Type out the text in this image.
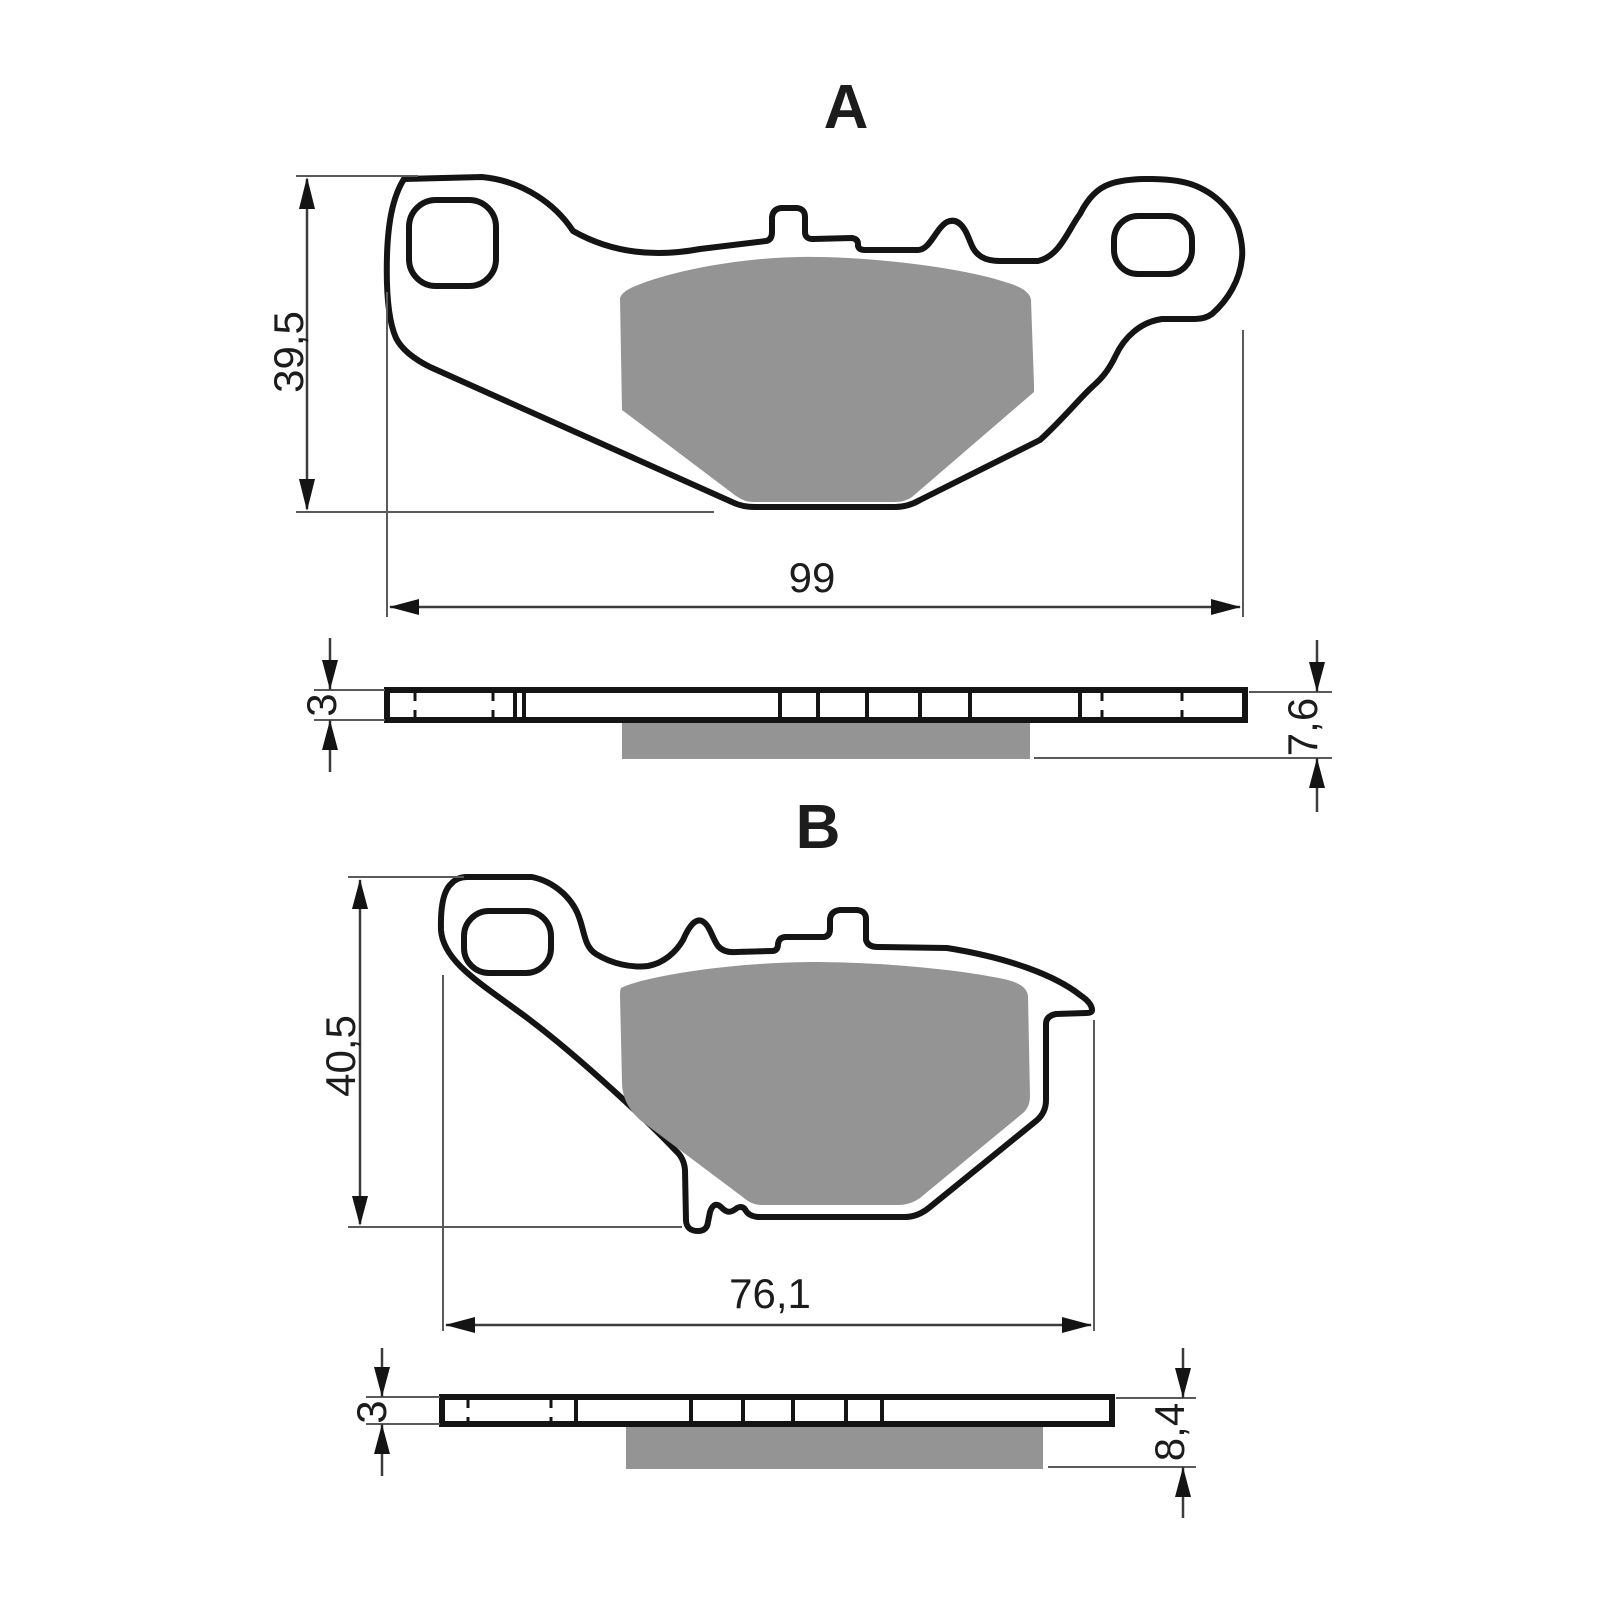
A
39,5
99
3	7,6
B
40,5
76,1
3	8,4
